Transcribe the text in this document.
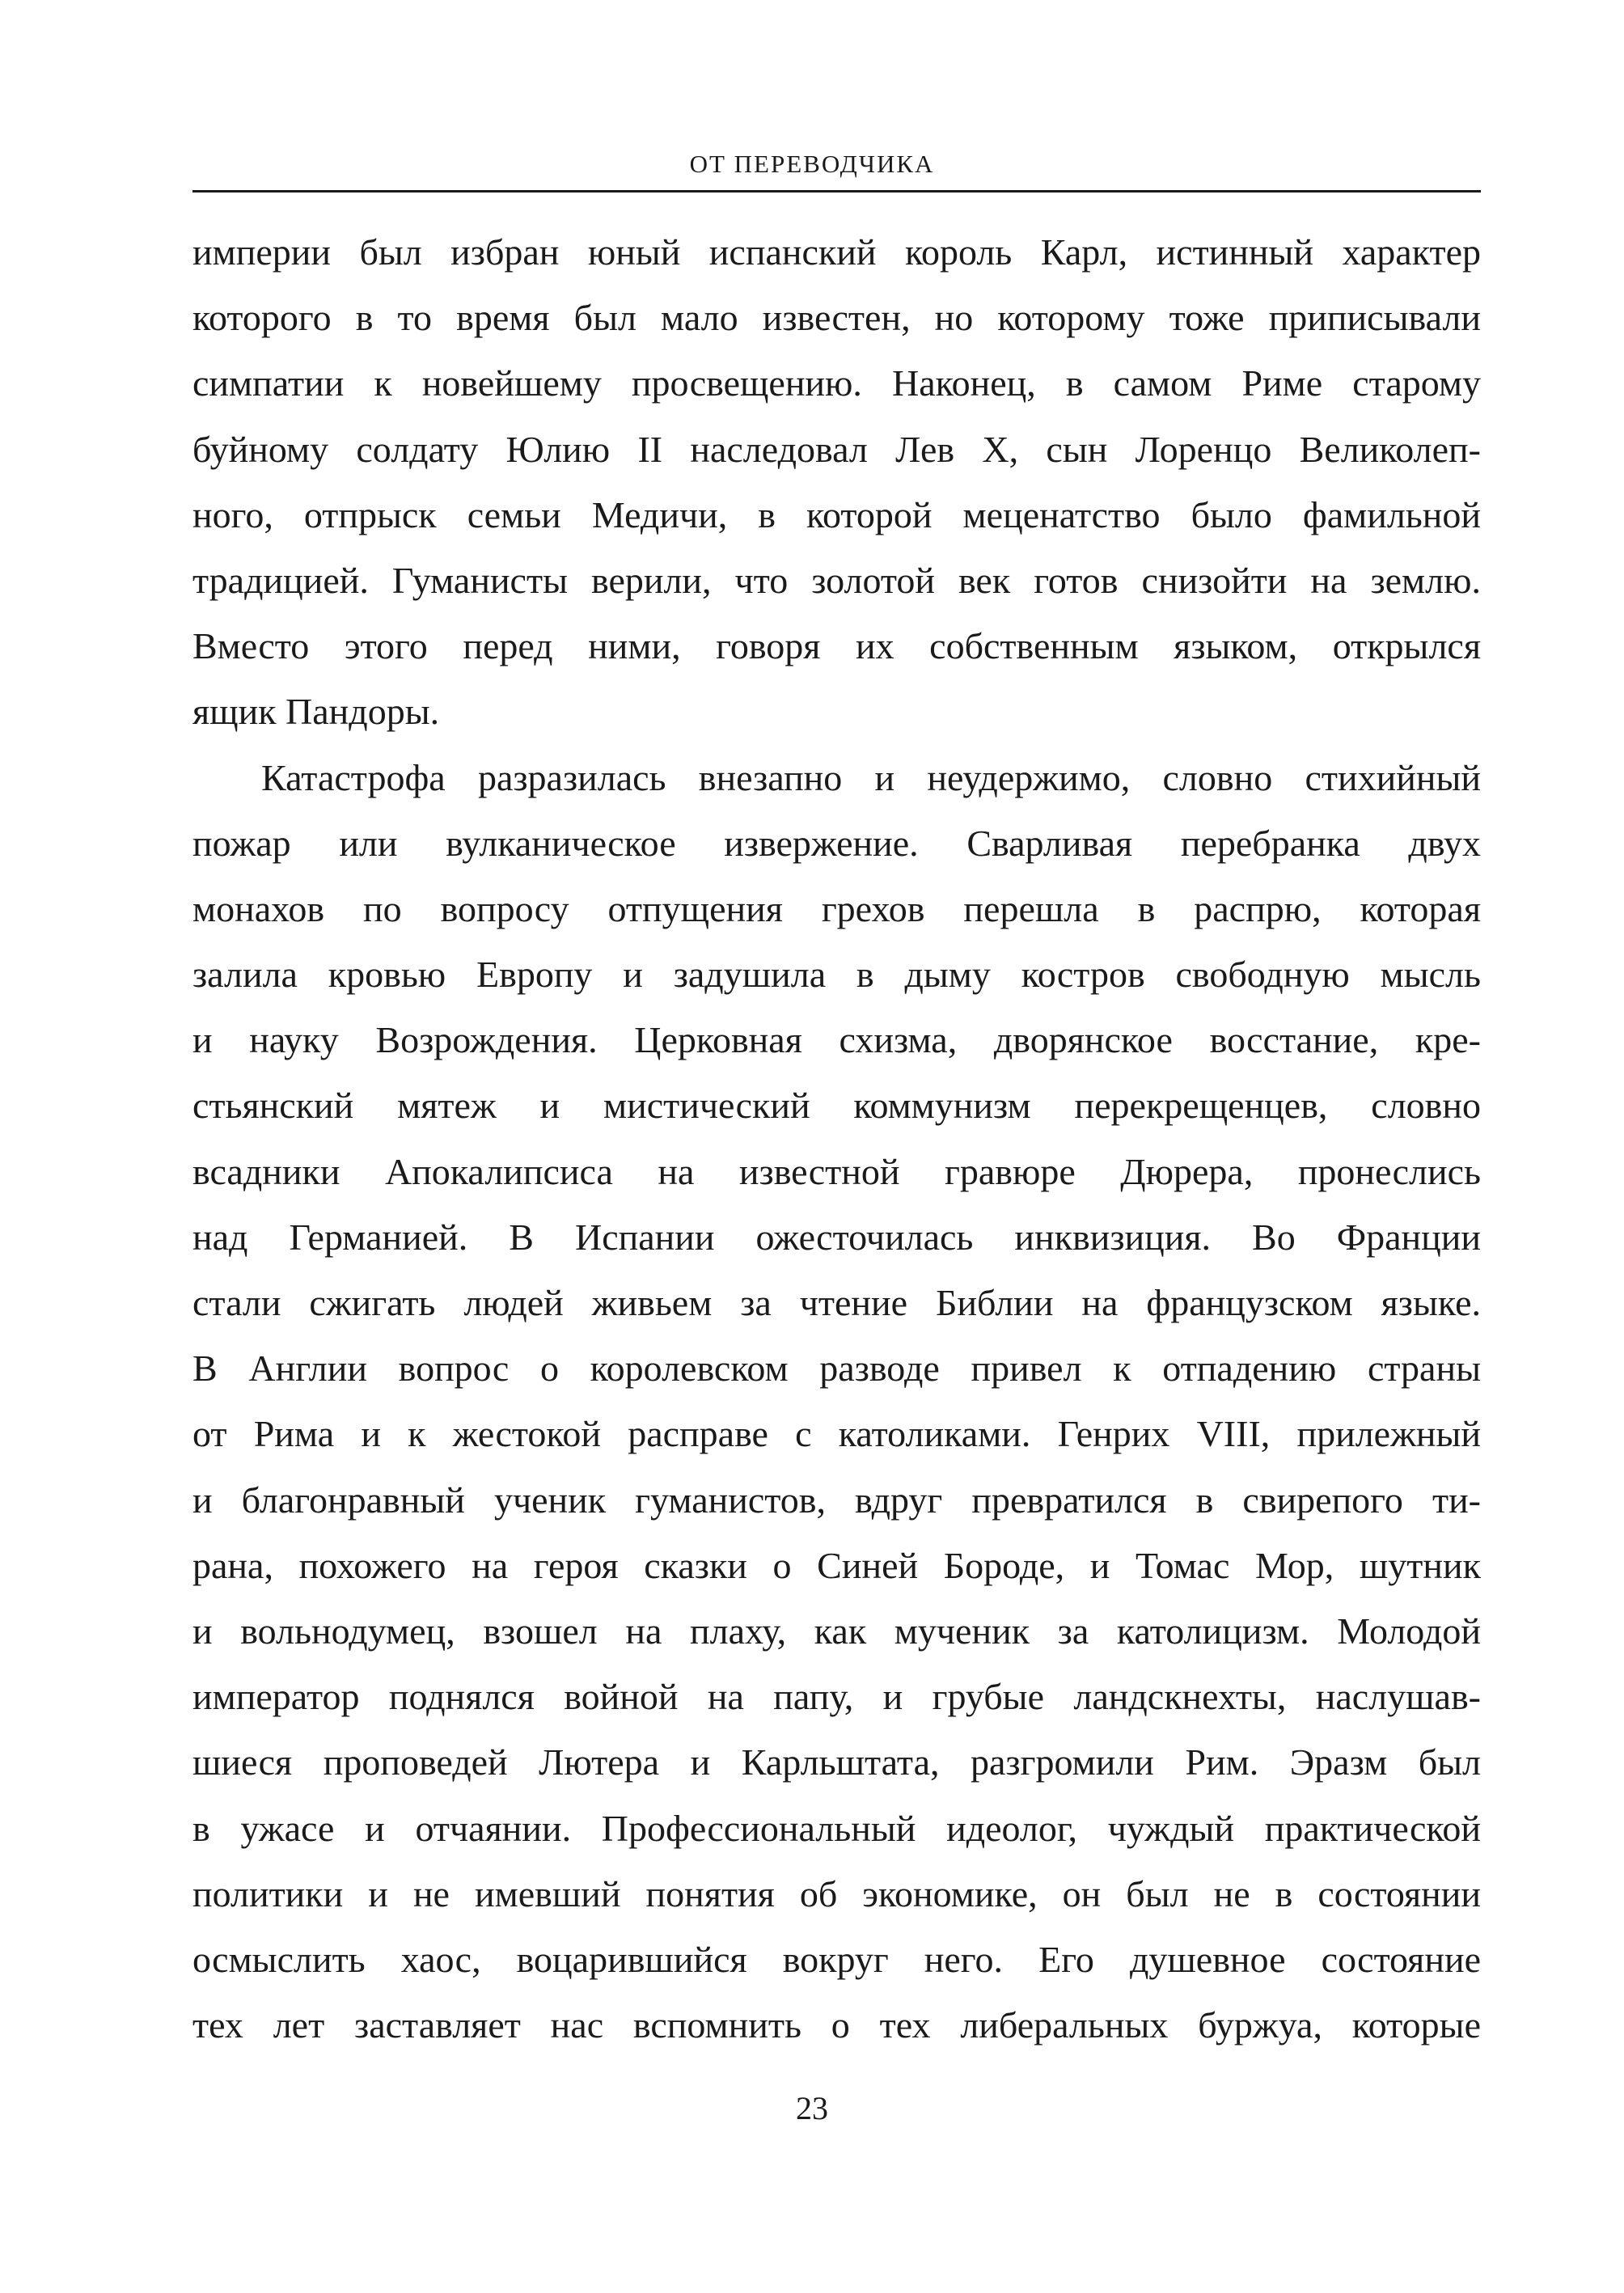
ОТ ПЕРЕВОДЧИКА
империи был избран юный испанский король Карл, истинный характер
которого в то время был мало известен, но которому тоже приписывали
симпатии к новейшему просвещению. Наконец, в самом Риме старому
буйному солдату Юлию II наследовал Лев X, сын Лоренцо Великолеп-
ного, отпрыск семьи Медичи, в которой меценатство было фамильной
традицией. Гуманисты верили, что золотой век готов снизойти на землю.
Вместо этого перед ними, говоря их собственным языком, открылся
ящик Пандоры.
Катастрофа разразилась внезапно и неудержимо, словно стихийный
пожар или вулканическое извержение. Сварливая перебранка двух
монахов по вопросу отпущения грехов перешла в распрю, которая
залила кровью Европу и задушила в дыму костров свободную мысль
и науку Возрождения. Церковная схизма, дворянское восстание, кре-
стьянский мятеж и мистический коммунизм перекрещенцев, словно
всадники Апокалипсиса на известной гравюре Дюрера, пронеслись
над Германией. В Испании ожесточилась инквизиция. Во Франции
стали сжигать людей живьем за чтение Библии на французском языке.
В Англии вопрос о королевском разводе привел к отпадению страны
от Рима и к жестокой расправе с католиками. Генрих VIII, прилежный
и благонравный ученик гуманистов, вдруг превратился в свирепого ти-
рана, похожего на героя сказки о Синей Бороде, и Томас Мор, шутник
и вольнодумец, взошел на плаху, как мученик за католицизм. Молодой
император поднялся войной на папу, и грубые ландскнехты, наслушав-
шиеся проповедей Лютера и Карльштата, разгромили Рим. Эразм был
в ужасе и отчаянии. Профессиональный идеолог, чуждый практической
политики и не имевший понятия об экономике, он был не в состоянии
осмыслить хаос, воцарившийся вокруг него. Его душевное состояние
тех лет заставляет нас вспомнить о тех либеральных буржуа, которые
23
